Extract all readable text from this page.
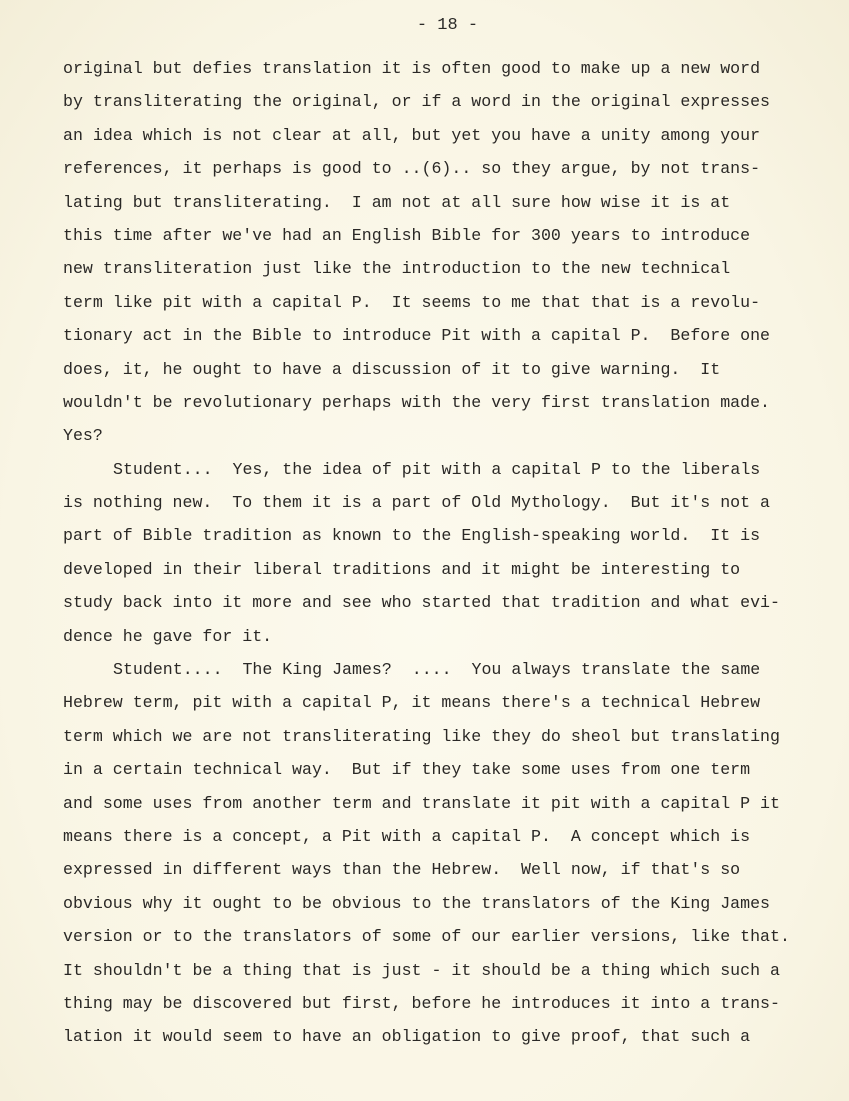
- 18 -
original but defies translation it is often good to make up a new word
by transliterating the original, or if a word in the original expresses
an idea which is not clear at all, but yet you have a unity among your
references, it perhaps is good to ..(6).. so they argue, by not trans-
lating but transliterating.  I am not at all sure how wise it is at
this time after we've had an English Bible for 300 years to introduce
new transliteration just like the introduction to the new technical
term like pit with a capital P.  It seems to me that that is a revolu-
tionary act in the Bible to introduce Pit with a capital P.  Before one
does, it, he ought to have a discussion of it to give warning.  It
wouldn't be revolutionary perhaps with the very first translation made.
Yes?
Student...  Yes, the idea of pit with a capital P to the liberals
is nothing new.  To them it is a part of Old Mythology.  But it's not a
part of Bible tradition as known to the English-speaking world.  It is
developed in their liberal traditions and it might be interesting to
study back into it more and see who started that tradition and what evi-
dence he gave for it.
Student....  The King James?  ....  You always translate the same
Hebrew term, pit with a capital P, it means there's a technical Hebrew
term which we are not transliterating like they do sheol but translating
in a certain technical way.  But if they take some uses from one term
and some uses from another term and translate it pit with a capital P it
means there is a concept, a Pit with a capital P.  A concept which is
expressed in different ways than the Hebrew.  Well now, if that's so
obvious why it ought to be obvious to the translators of the King James
version or to the translators of some of our earlier versions, like that.
It shouldn't be a thing that is just - it should be a thing which such a
thing may be discovered but first, before he introduces it into a trans-
lation it would seem to have an obligation to give proof, that such a
